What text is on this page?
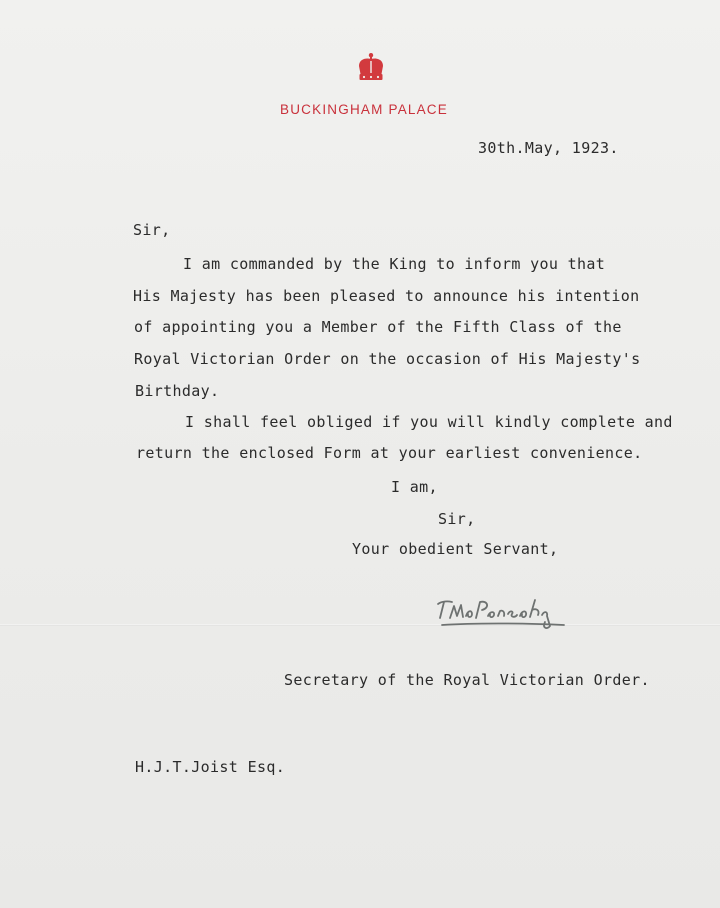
BUCKINGHAM PALACE
30th.May, 1923.
Sir,
I am commanded by the King to inform you that
His Majesty has been pleased to announce his intention
of appointing you a Member of the Fifth Class of the
Royal Victorian Order on the occasion of His Majesty's
Birthday.
I shall feel obliged if you will kindly complete and
return the enclosed Form at your earliest convenience.
I am,
Sir,
Your obedient Servant,
Secretary of the Royal Victorian Order.
H.J.T.Joist Esq.
